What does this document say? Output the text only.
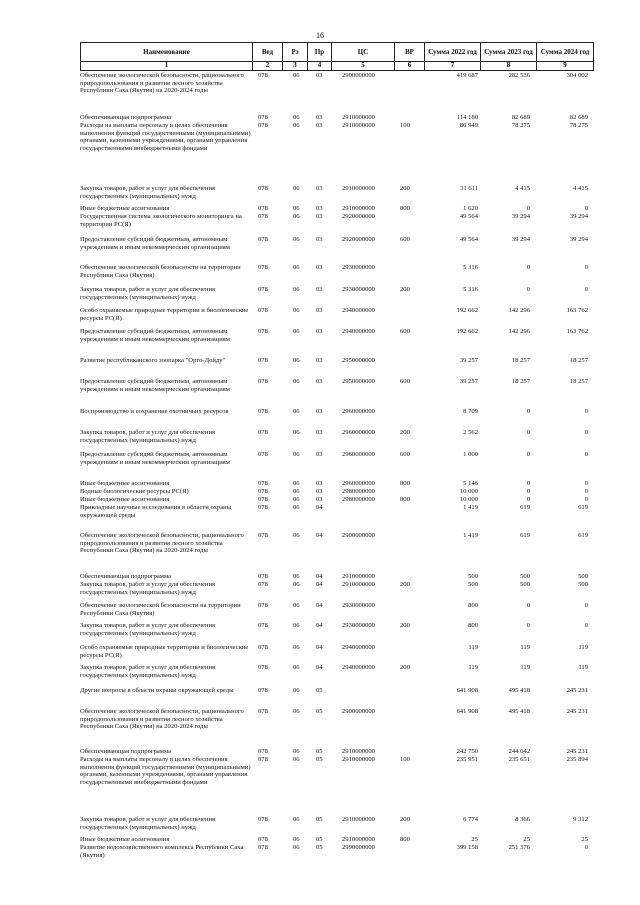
16
Наименование	Вед	Рз	Пр	ЦС	ВР	Сумма 2022 год	Сумма 2023 год	Сумма 2024 год
1	2	3	4	5	6	7	8	9
Обеспечение экологической безопасности, рационального природопользования и развития лесного хозяйства Республики Саха (Якутия) на 2020-2024 годы
078	06 03	2900000000	419 687	282 536	304 002
Обеспечивающая подпрограмма	078	06 03	2910000000	114 180	82 689	82 689
Расходы на выплаты персоналу в целях обеспечения выполнения функций государственными (муниципальными) органами, казенными учреждениями, органами управления государственными внебюджетными фондами
078	06 03	2910000000	100	80 949	78 275	78 275
Закупка товаров, работ и услуг для обеспечения государственных (муниципальных) нужд
078	06 03	2910000000	200	31 611	4 415	4 415
Иные бюджетные ассигнования	078	06 03	2910000000	800	1 620	0	0
Государственная система экологического мониторинга на территории РС(Я)
078	06 03	2920000000	49 564	39 294	39 294
Предоставление субсидий бюджетным, автономным учреждениям и иным некоммерческим организациям
078	06 03	2920000000	600	49 564	39 294	39 294
Обеспечение экологической безопасности на территории Республики Саха (Якутия)
078	06 03	2930000000	5 316	0	0
Закупка товаров, работ и услуг для обеспечения государственных (муниципальных) нужд
078	06 03	2930000000	200	5 316	0	0
Особо охраняемые природные территории и биологические ресурсы РС(Я)
078	06 03	2940000000	192 662	142 296	163 762
Предоставление субсидий бюджетным, автономным учреждениям и иным некоммерческим организациям
078	06 03	2940000000	600	192 662	142 296	163 762
Развитие республиканского зоопарка "Орто-Дойду"	078	06 03	2950000000	39 257	18 257	18 257
Предоставление субсидий бюджетным, автономным учреждениям и иным некоммерческим организациям
078	06 03	2950000000	600	39 257	18 257	18 257
Воспроизводство и сохранение охотничьих ресурсов	078	06 03	2960000000	8 709	0	0
Закупка товаров, работ и услуг для обеспечения государственных (муниципальных) нужд
078	06 03	2960000000	200	2 562	0	0
Предоставление субсидий бюджетным, автономным учреждениям и иным некоммерческим организациям
078	06 03	2960000000	600	1 000	0	0
Иные бюджетные ассигнования	078	06 03	2960000000	800	5 146	0	0
Водные биологические ресурсы РС(Я)	078	06 03	2980000000	10 000	0	0
Иные бюджетные ассигнования	078	06 03	2980000000	800	10 000	0	0
Прикладные научные исследования в области охраны окружающей среды
078	06 04	1 419	619	619
Обеспечение экологической безопасности, рационального природопользования и развития лесного хозяйства Республики Саха (Якутия) на 2020-2024 годы
078	06 04	2900000000	1 419	619	619
Обеспечивающая подпрограмма	078	06 04	2910000000	500	500	500
Закупка товаров, работ и услуг для обеспечения государственных (муниципальных) нужд
078	06 04	2910000000	200	500	500	500
Обеспечение экологической безопасности на территории Республики Саха (Якутия)
078	06 04	2930000000	800	0	0
Закупка товаров, работ и услуг для обеспечения государственных (муниципальных) нужд
078	06 04	2930000000	200	800	0	0
Особо охраняемые природные территории и биологические ресурсы РС(Я)
078	06 04	2940000000	119	119	119
Закупка товаров, работ и услуг для обеспечения государственных (муниципальных) нужд
078	06 04	2940000000	200	119	119	119
Другие вопросы в области охраны окружающей среды	078	06 05	641 908	495 418	245 231
Обеспечение экологической безопасности, рационального природопользования и развития лесного хозяйства Республики Саха (Якутия) на 2020-2024 годы
078	06 05	2900000000	641 908	495 418	245 231
Обеспечивающая подпрограмма	078	06 05	2910000000	242 750	244 042	245 231
Расходы на выплаты персоналу в целях обеспечения выполнения функций государственными (муниципальными) органами, казенными учреждениями, органами управления государственными внебюджетными фондами
078	06 05	2910000000	100	235 951	235 651	235 894
Закупка товаров, работ и услуг для обеспечения государственных (муниципальных) нужд
078	06 05	2910000000	200	6 774	8 366	9 312
Иные бюджетные ассигнования	078	06 05	2910000000	800	25	25	25
Развитие водохозяйственного комплекса Республики Саха (Якутия)
078	06 05	2990000000	399 158	251 376	0
